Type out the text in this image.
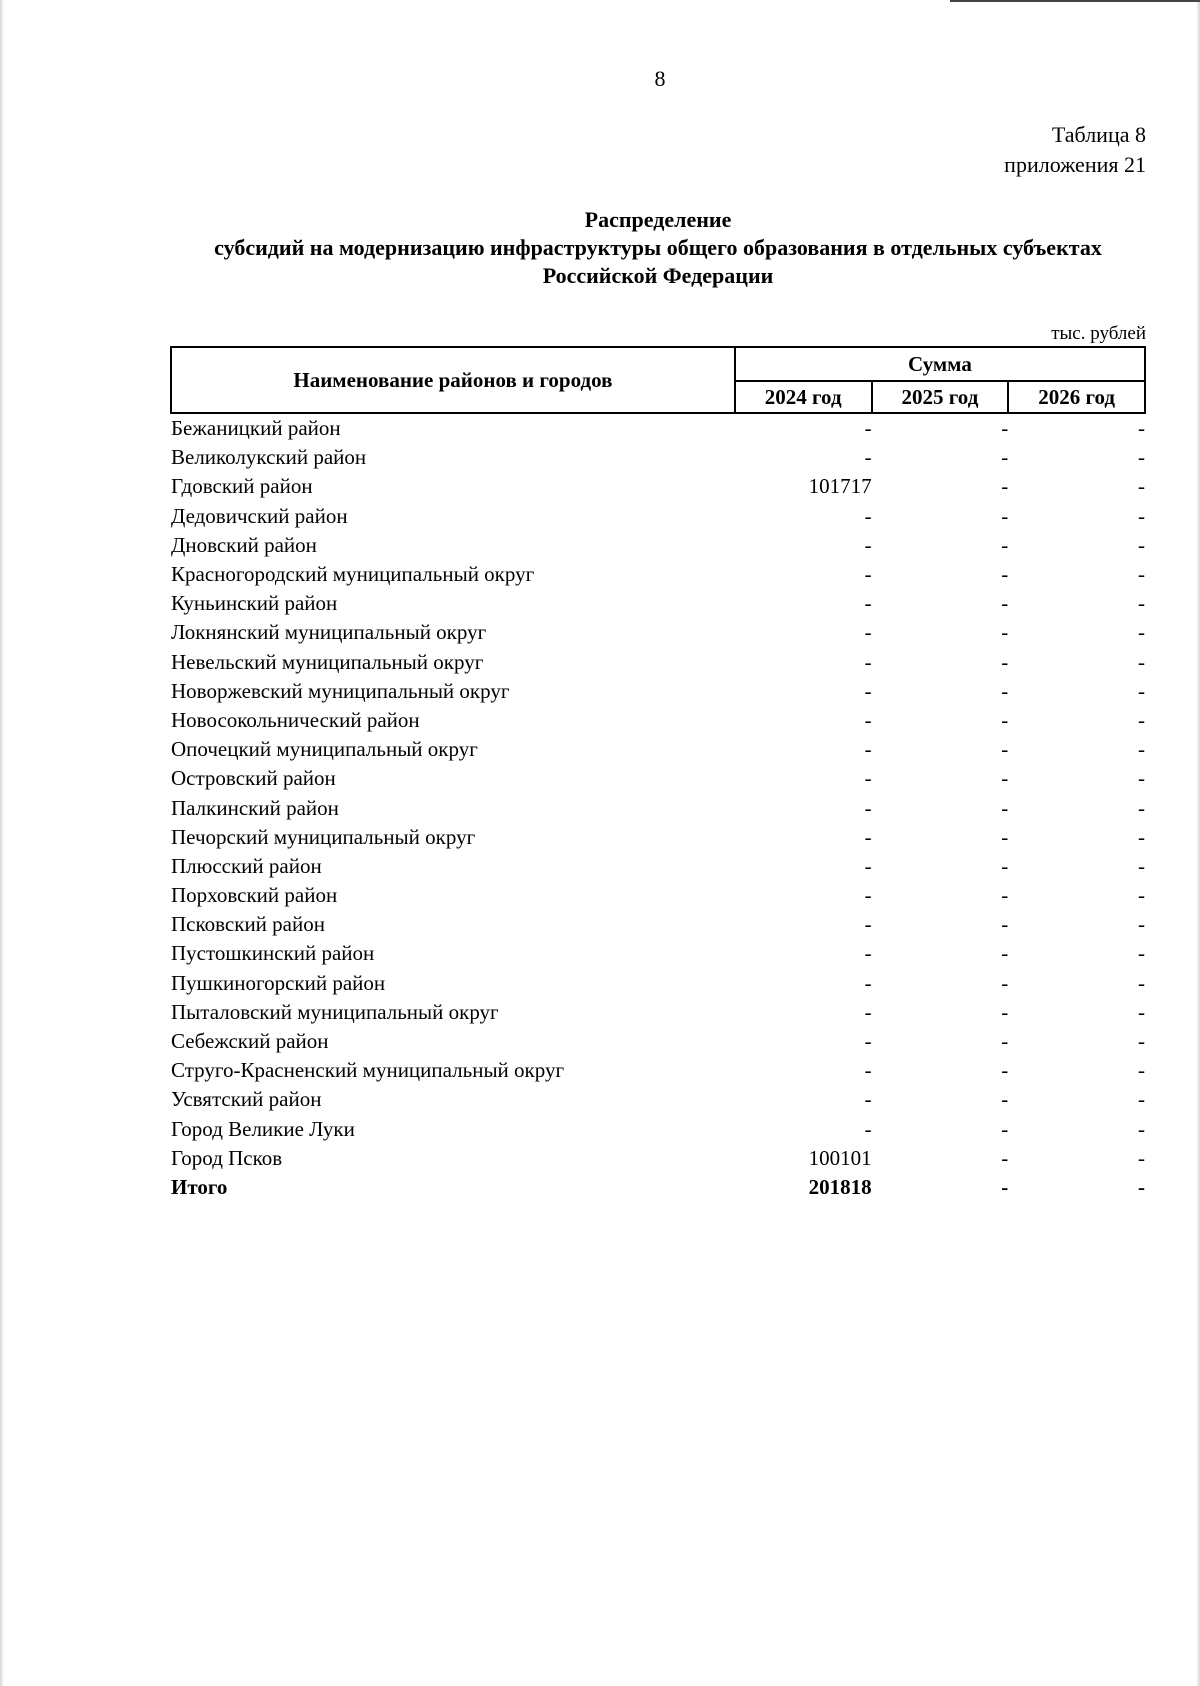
8
Таблица 8
приложения 21
Распределение
субсидий на модернизацию инфраструктуры общего образования в отдельных субъектах
Российской Федерации
тыс. рублей
Наименование районов и городов	Сумма		
	2024 год	2025 год	2026 год
Бежаницкий район	-	-	-
Великолукский район	-	-	-
Гдовский район	101717	-	-
Дедовичский район	-	-	-
Дновский район	-	-	-
Красногородский муниципальный округ	-	-	-
Куньинский район	-	-	-
Локнянский муниципальный округ	-	-	-
Невельский муниципальный округ	-	-	-
Новоржевский муниципальный округ	-	-	-
Новосокольнический район	-	-	-
Опочецкий муниципальный округ	-	-	-
Островский район	-	-	-
Палкинский район	-	-	-
Печорский муниципальный округ	-	-	-
Плюсский район	-	-	-
Порховский район	-	-	-
Псковский район	-	-	-
Пустошкинский район	-	-	-
Пушкиногорский район	-	-	-
Пыталовский муниципальный округ	-	-	-
Себежский район	-	-	-
Струго-Красненский муниципальный округ	-	-	-
Усвятский район	-	-	-
Город Великие Луки	-	-	-
Город Псков	100101	-	-
Итого	201818	-	-
